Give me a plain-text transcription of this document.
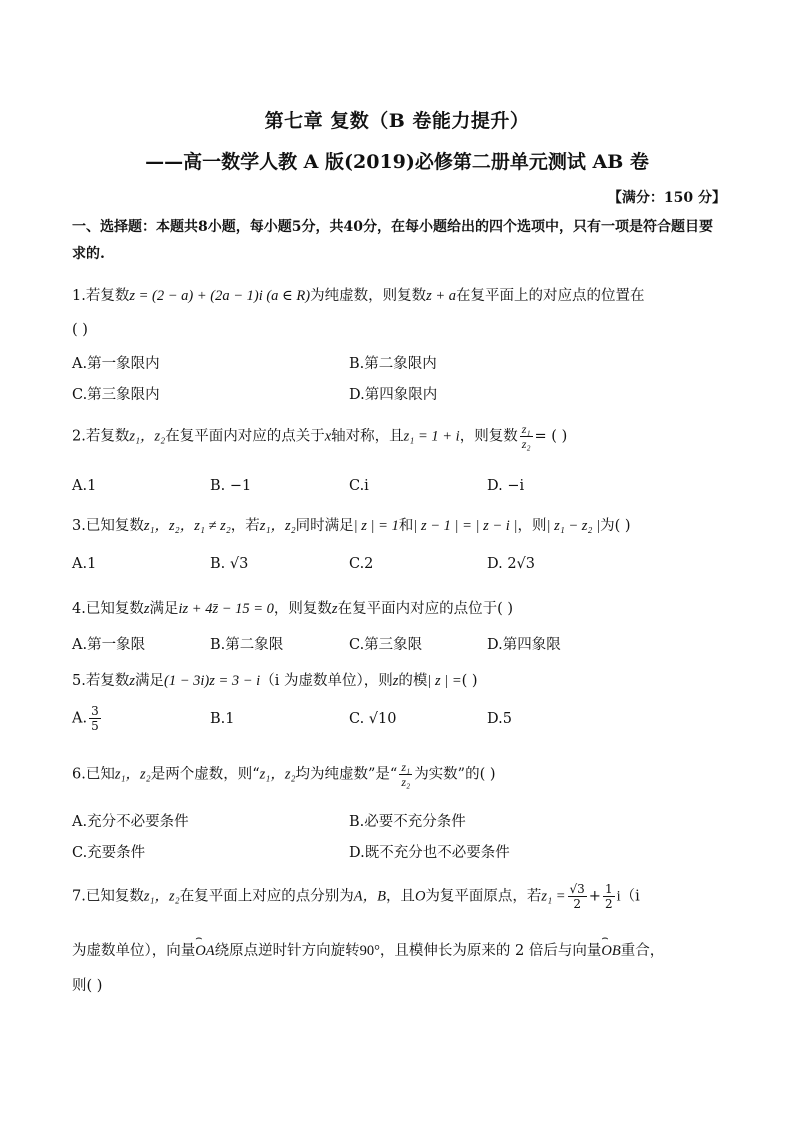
第七章 复数（B 卷能力提升）
——高一数学人教 A 版(2019)必修第二册单元测试 AB 卷
【满分：150 分】
一、选择题：本题共8小题，每小题5分，共40分，在每小题给出的四个选项中，只有一项是符合题目要求的.
1.若复数z = (2 − a) + (2a − 1)i (a ∈ R)为纯虚数，则复数z + a在复平面上的对应点的位置在
( )
A.第一象限内	B.第二象限内
C.第三象限内	D.第四象限内
2.若复数z₁，z₂在复平面内对应的点关于x轴对称，且z₁ = 1 + i，则复数 $\frac{\text{z₁}}{\text{z₂}}$ = ( )
A.1	B. −1	C.i	D. −i
3.已知复数z₁，z₂，z₁ ≠ z₂，若z₁，z₂同时满足| z | = 1和| z − 1 | = | z − i |，则| z₁ − z₂ |为( )
A.1	B. √3	C.2	D. 2√3
4.已知复数z满足iz + 4z̄ − 15 = 0，则复数z在复平面内对应的点位于( )
A.第一象限	B.第二象限	C.第三象限	D.第四象限
5.若复数z满足(1 − 3i)z = 3 − i（i 为虚数单位），则z的模| z | =( )
A. $\frac{3}{5}$	B.1	C. √10	D.5
6.已知z₁，z₂是两个虚数，则“z₁，z₂均为纯虚数”是“ $\frac{\text{z₁}}{\text{z₂}}$ 为实数”的( )
A.充分不必要条件	B.必要不充分条件
C.充要条件	D.既不充分也不必要条件
7.已知复数z₁，z₂在复平面上对应的点分别为A，B，且O为复平面原点，若$z_1 = \frac{√3}{2} + \frac{1}{2} i(i$
为虚数单位），向量⌢ OA绕原点逆时针方向旋转90°，且模伸长为原来的 2 倍后与向量⌢ OB重合，
则( )
